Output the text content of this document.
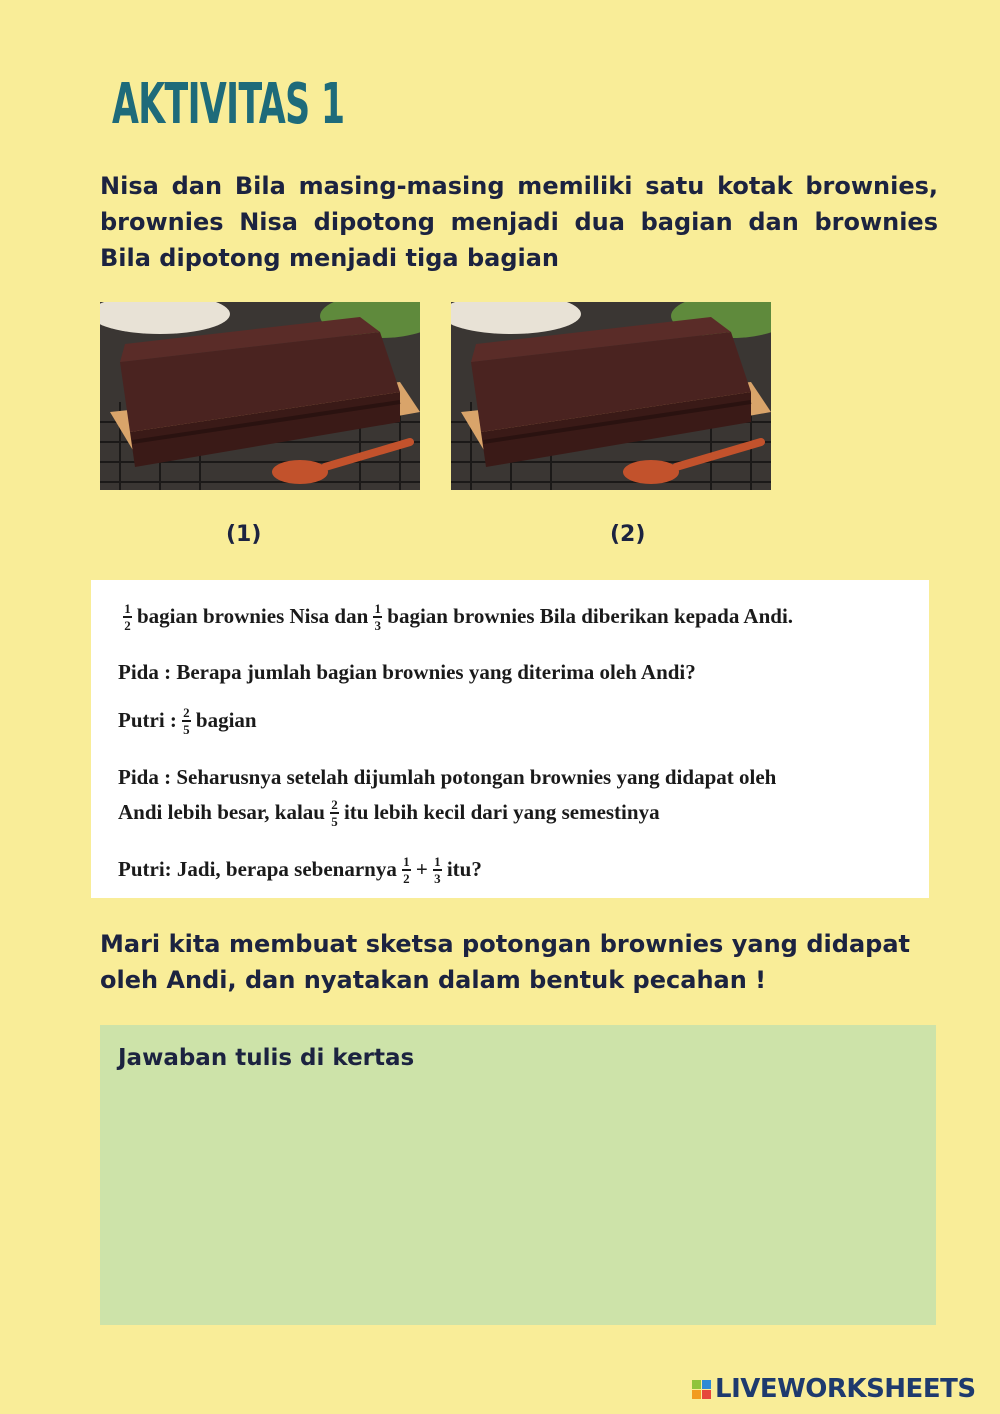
AKTIVITAS 1

Nisa dan Bila masing-masing memiliki satu kotak brownies, brownies Nisa dipotong menjadi dua bagian dan brownies Bila dipotong menjadi tiga bagian

(1)	(2)
$\frac{1}{2}$ bagian brownies Nisa dan $\frac{1}{3}$ bagian brownies Bila diberikan kepada Andi.
Pida : Berapa jumlah bagian brownies yang diterima oleh Andi?
Putri : $\frac{2}{5}$ bagian
Pida : Seharusnya setelah dijumlah potongan brownies yang didapat oleh
Andi lebih besar, kalau $\frac{2}{5}$ itu lebih kecil dari yang semestinya
Putri: Jadi, berapa sebenarnya $\frac{1}{2} + \frac{1}{3}$ itu?

Mari kita membuat sketsa potongan brownies yang didapat oleh Andi, dan nyatakan dalam bentuk pecahan !

Jawaban tulis di kertas
LIVEWORKSHEETS
